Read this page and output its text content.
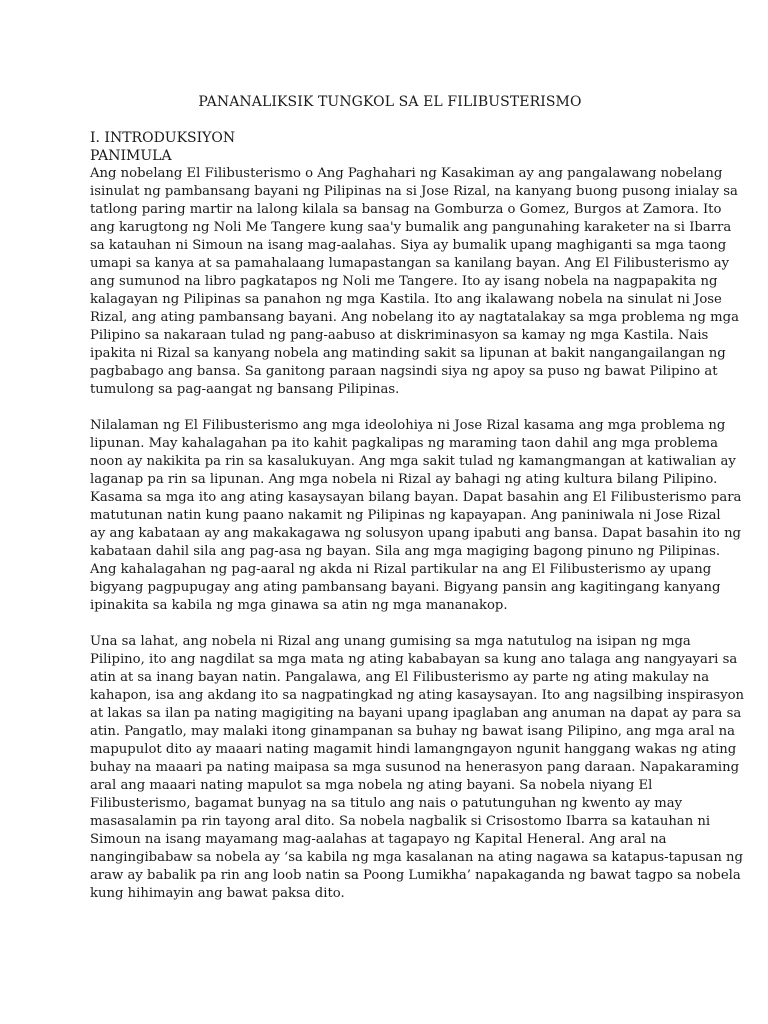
PANANALIKSIK TUNGKOL SA EL FILIBUSTERISMO
I. INTRODUKSIYON
PANIMULA
Ang nobelang El Filibusterismo o Ang Paghahari ng Kasakiman ay ang pangalawang nobelang
isinulat ng pambansang bayani ng Pilipinas na si Jose Rizal, na kanyang buong pusong inialay sa
tatlong paring martir na lalong kilala sa bansag na Gomburza o Gomez, Burgos at Zamora. Ito
ang karugtong ng Noli Me Tangere kung saa'y bumalik ang pangunahing karaketer na si Ibarra
sa katauhan ni Simoun na isang mag-aalahas. Siya ay bumalik upang maghiganti sa mga taong
umapi sa kanya at sa pamahalaang lumapastangan sa kanilang bayan. Ang El Filibusterismo ay
ang sumunod na libro pagkatapos ng Noli me Tangere. Ito ay isang nobela na nagpapakita ng
kalagayan ng Pilipinas sa panahon ng mga Kastila. Ito ang ikalawang nobela na sinulat ni Jose
Rizal, ang ating pambansang bayani. Ang nobelang ito ay nagtatalakay sa mga problema ng mga
Pilipino sa nakaraan tulad ng pang-aabuso at diskriminasyon sa kamay ng mga Kastila. Nais
ipakita ni Rizal sa kanyang nobela ang matinding sakit sa lipunan at bakit nangangailangan ng
pagbabago ang bansa. Sa ganitong paraan nagsindi siya ng apoy sa puso ng bawat Pilipino at
tumulong sa pag-aangat ng bansang Pilipinas.
Nilalaman ng El Filibusterismo ang mga ideolohiya ni Jose Rizal kasama ang mga problema ng
lipunan. May kahalagahan pa ito kahit pagkalipas ng maraming taon dahil ang mga problema
noon ay nakikita pa rin sa kasalukuyan. Ang mga sakit tulad ng kamangmangan at katiwalian ay
laganap pa rin sa lipunan. Ang mga nobela ni Rizal ay bahagi ng ating kultura bilang Pilipino.
Kasama sa mga ito ang ating kasaysayan bilang bayan. Dapat basahin ang El Filibusterismo para
matutunan natin kung paano nakamit ng Pilipinas ng kapayapan. Ang paniniwala ni Jose Rizal
ay ang kabataan ay ang makakagawa ng solusyon upang ipabuti ang bansa. Dapat basahin ito ng
kabataan dahil sila ang pag-asa ng bayan. Sila ang mga magiging bagong pinuno ng Pilipinas.
Ang kahalagahan ng pag-aaral ng akda ni Rizal partikular na ang El Filibusterismo ay upang
bigyang pagpupugay ang ating pambansang bayani. Bigyang pansin ang kagitingang kanyang
ipinakita sa kabila ng mga ginawa sa atin ng mga mananakop.
Una sa lahat, ang nobela ni Rizal ang unang gumising sa mga natutulog na isipan ng mga
Pilipino, ito ang nagdilat sa mga mata ng ating kababayan sa kung ano talaga ang nangyayari sa
atin at sa inang bayan natin. Pangalawa, ang El Filibusterismo ay parte ng ating makulay na
kahapon, isa ang akdang ito sa nagpatingkad ng ating kasaysayan. Ito ang nagsilbing inspirasyon
at lakas sa ilan pa nating magigiting na bayani upang ipaglaban ang anuman na dapat ay para sa
atin. Pangatlo, may malaki itong ginampanan sa buhay ng bawat isang Pilipino, ang mga aral na
mapupulot dito ay maaari nating magamit hindi lamangngayon ngunit hanggang wakas ng ating
buhay na maaari pa nating maipasa sa mga susunod na henerasyon pang daraan. Napakaraming
aral ang maaari nating mapulot sa mga nobela ng ating bayani. Sa nobela niyang El
Filibusterismo, bagamat bunyag na sa titulo ang nais o patutunguhan ng kwento ay may
masasalamin pa rin tayong aral dito. Sa nobela nagbalik si Crisostomo Ibarra sa katauhan ni
Simoun na isang mayamang mag-aalahas at tagapayo ng Kapital Heneral. Ang aral na
nangingibabaw sa nobela ay ‘sa kabila ng mga kasalanan na ating nagawa sa katapus-tapusan ng
araw ay babalik pa rin ang loob natin sa Poong Lumikha’ napakaganda ng bawat tagpo sa nobela
kung hihimayin ang bawat paksa dito.
